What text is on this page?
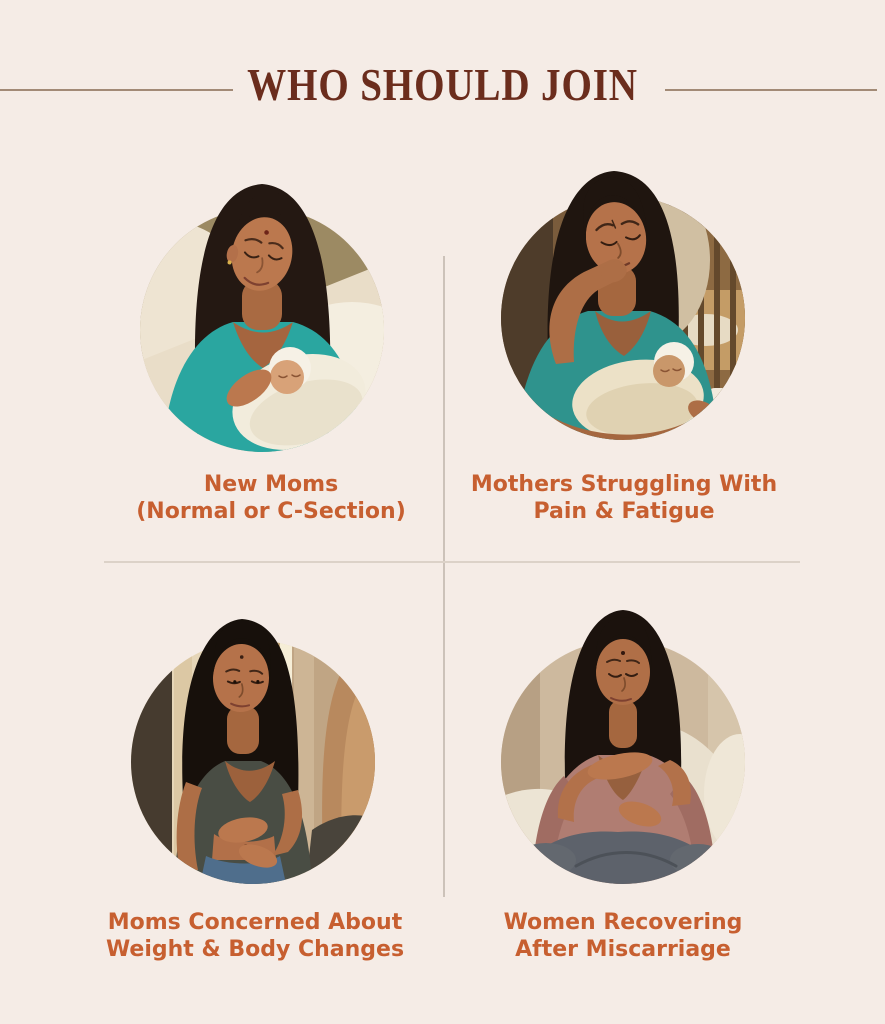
WHO SHOULD JOIN
New Moms
(Normal or C-Section)
Mothers Struggling With
Pain & Fatigue
Moms Concerned About
Weight & Body Changes
Women Recovering
After Miscarriage
